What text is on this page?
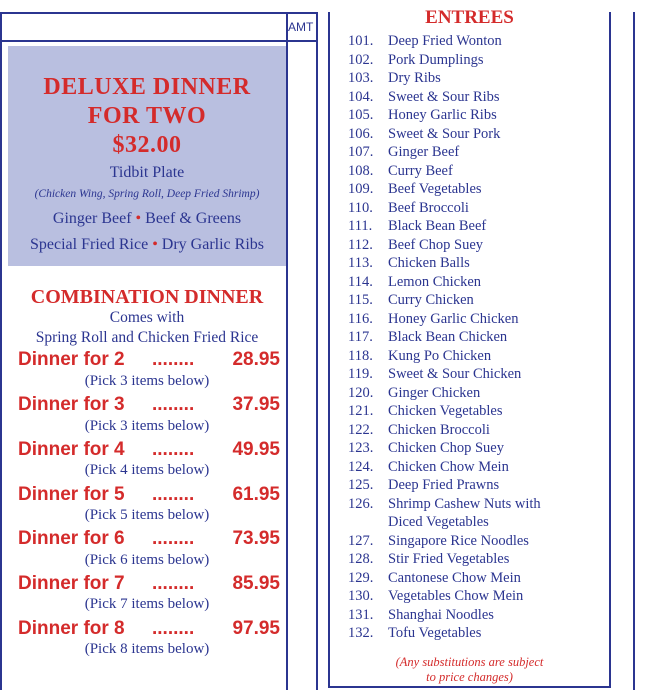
AMT
DELUXE DINNER
FOR TWO
$32.00
Tidbit Plate
(Chicken Wing, Spring Roll, Deep Fried Shrimp)
Ginger Beef • Beef & Greens
Special Fried Rice • Dry Garlic Ribs
COMBINATION DINNER
Comes with
Spring Roll and Chicken Fried Rice
Dinner for 2 ........ 28.95
(Pick 3 items below)
Dinner for 3 ........ 37.95
(Pick 3 items below)
Dinner for 4 ........ 49.95
(Pick 4 items below)
Dinner for 5 ........ 61.95
(Pick 5 items below)
Dinner for 6 ........ 73.95
(Pick 6 items below)
Dinner for 7 ........ 85.95
(Pick 7 items below)
Dinner for 8 ........ 97.95
(Pick 8 items below)
ENTREES
101. Deep Fried Wonton
102. Pork Dumplings
103. Dry Ribs
104. Sweet & Sour Ribs
105. Honey Garlic Ribs
106. Sweet & Sour Pork
107. Ginger Beef
108. Curry Beef
109. Beef Vegetables
110. Beef Broccoli
111. Black Bean Beef
112. Beef Chop Suey
113. Chicken Balls
114. Lemon Chicken
115. Curry Chicken
116. Honey Garlic Chicken
117. Black Bean Chicken
118. Kung Po Chicken
119. Sweet & Sour Chicken
120. Ginger Chicken
121. Chicken Vegetables
122. Chicken Broccoli
123. Chicken Chop Suey
124. Chicken Chow Mein
125. Deep Fried Prawns
126. Shrimp Cashew Nuts with
Diced Vegetables
127. Singapore Rice Noodles
128. Stir Fried Vegetables
129. Cantonese Chow Mein
130. Vegetables Chow Mein
131. Shanghai Noodles
132. Tofu Vegetables
(Any substitutions are subject
to price changes)
